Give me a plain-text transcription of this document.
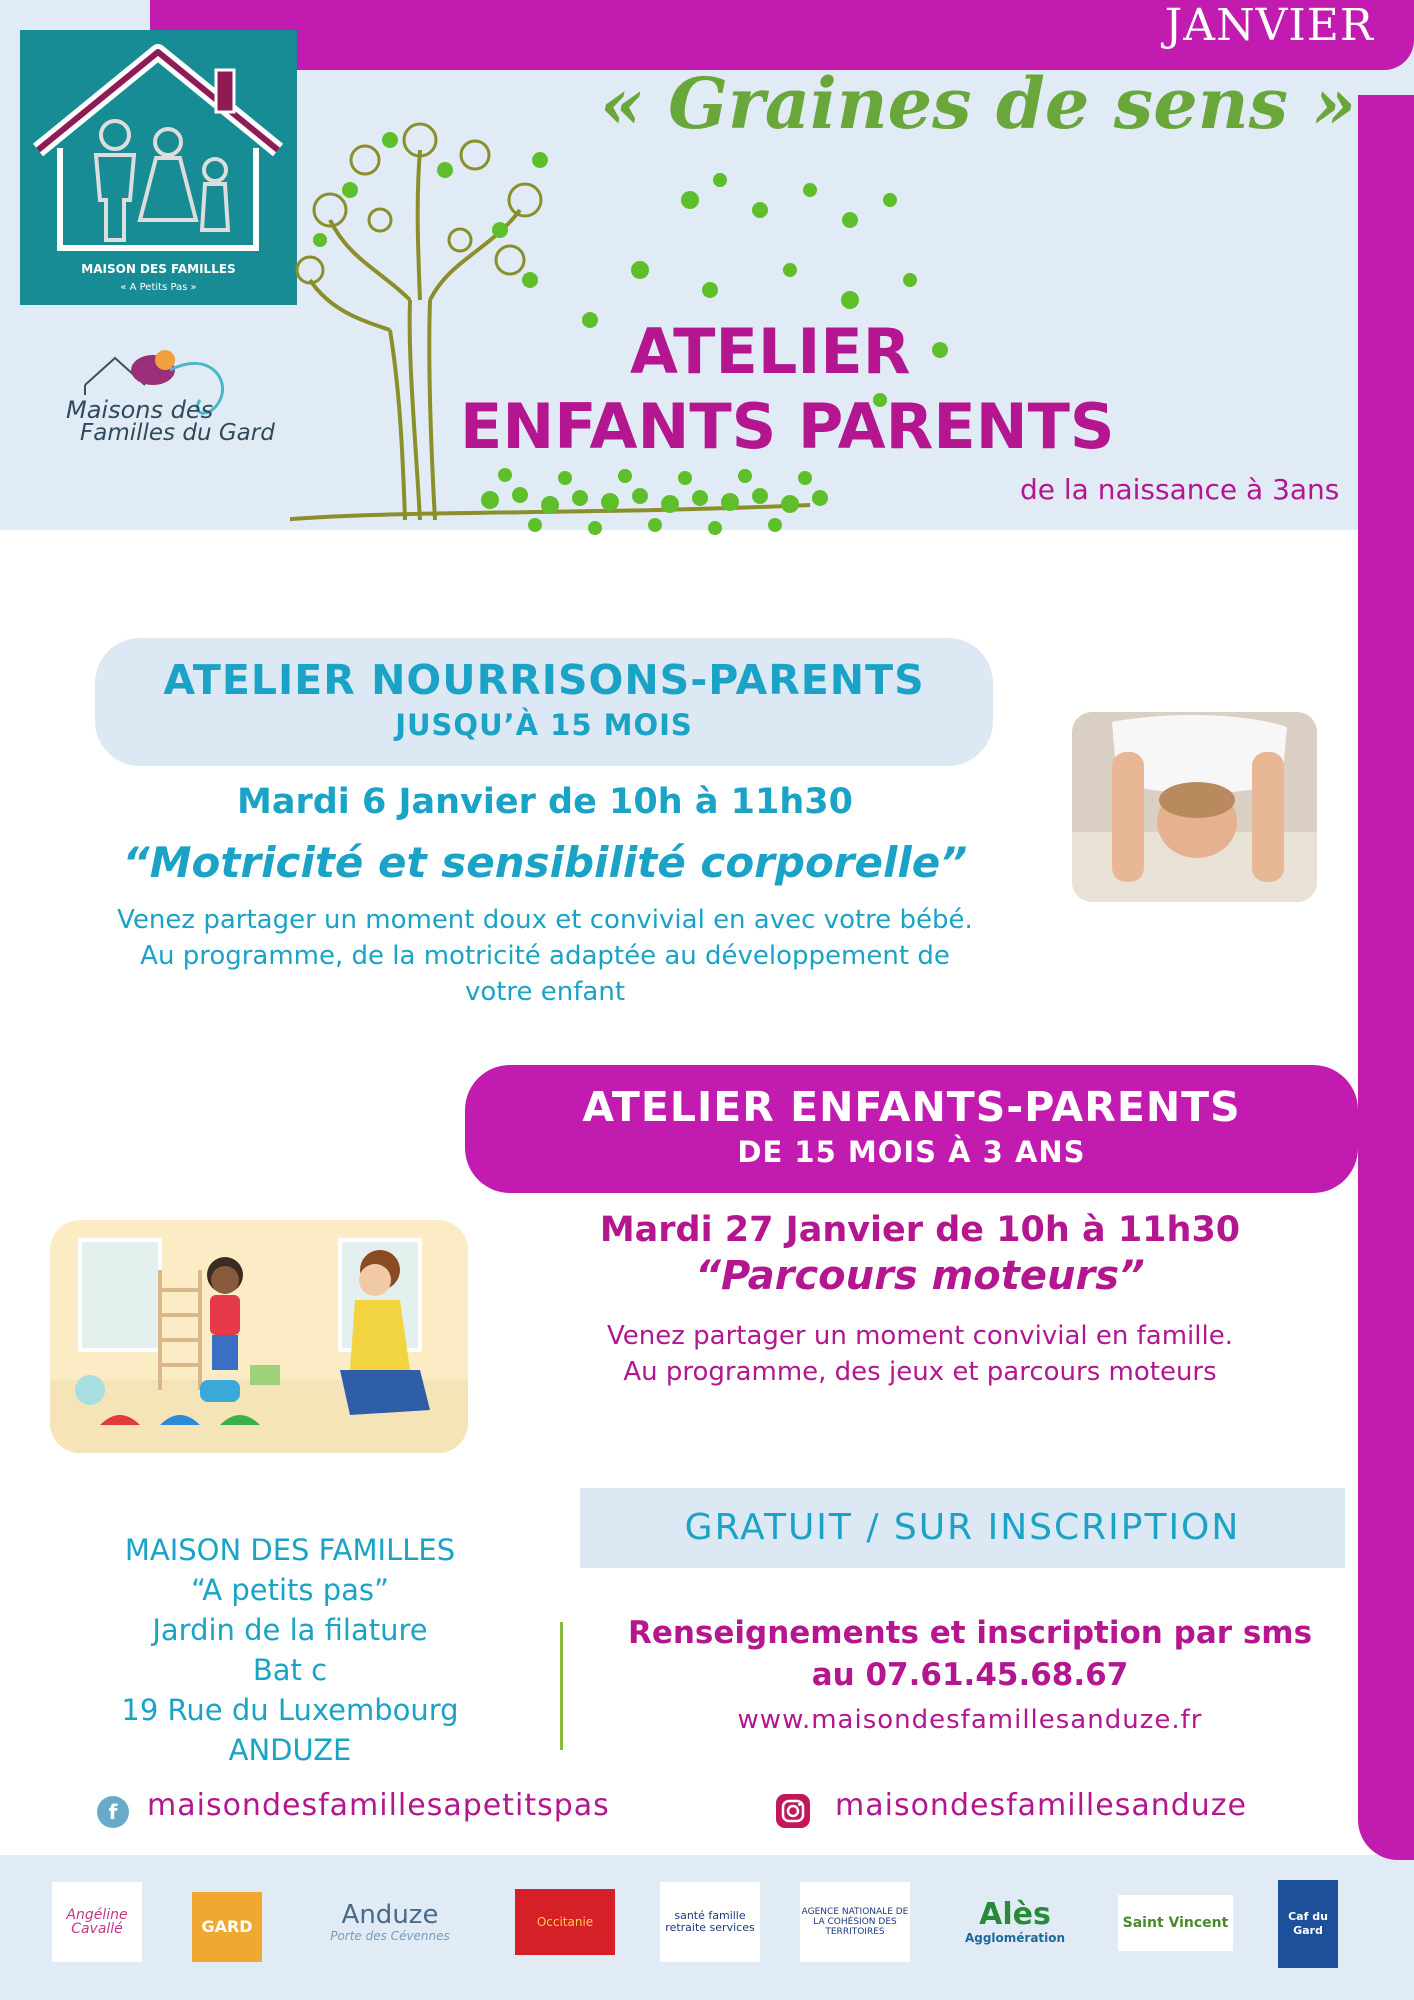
JANVIER
MAISON DES FAMILLES
« A Petits Pas »
Maisons des
Familles du Gard
« Graines de sens »
ATELIER
ENFANTS PARENTS
de la naissance à 3ans
ATELIER NOURRISONS-PARENTS
JUSQU’À 15 MOIS
Mardi 6 Janvier de 10h à 11h30
“Motricité et sensibilité corporelle”
Venez partager un moment doux et convivial en avec votre bébé.
Au programme, de la motricité adaptée au développement de
votre enfant
ATELIER ENFANTS-PARENTS
DE 15 MOIS À 3 ANS
Mardi 27 Janvier de 10h à 11h30
“Parcours moteurs”
Venez partager un moment convivial en famille.
Au programme, des jeux et parcours moteurs
GRATUIT / SUR INSCRIPTION
MAISON DES FAMILLES
“A petits pas”
Jardin de la filature
Bat c
19 Rue du Luxembourg
ANDUZE
Renseignements et inscription par sms
au 07.61.45.68.67
www.maisondesfamillesanduze.fr
f maisondesfamillesapetitspas	maisondesfamillesanduze
Angéline Cavallé	GARD	Anduze
Porte des Cévennes
Occitanie	santé famille retraite services
AGENCE NATIONALE DE LA COHÉSION DES TERRITOIRES	Alès
Agglomération
Saint Vincent	Caf du Gard
